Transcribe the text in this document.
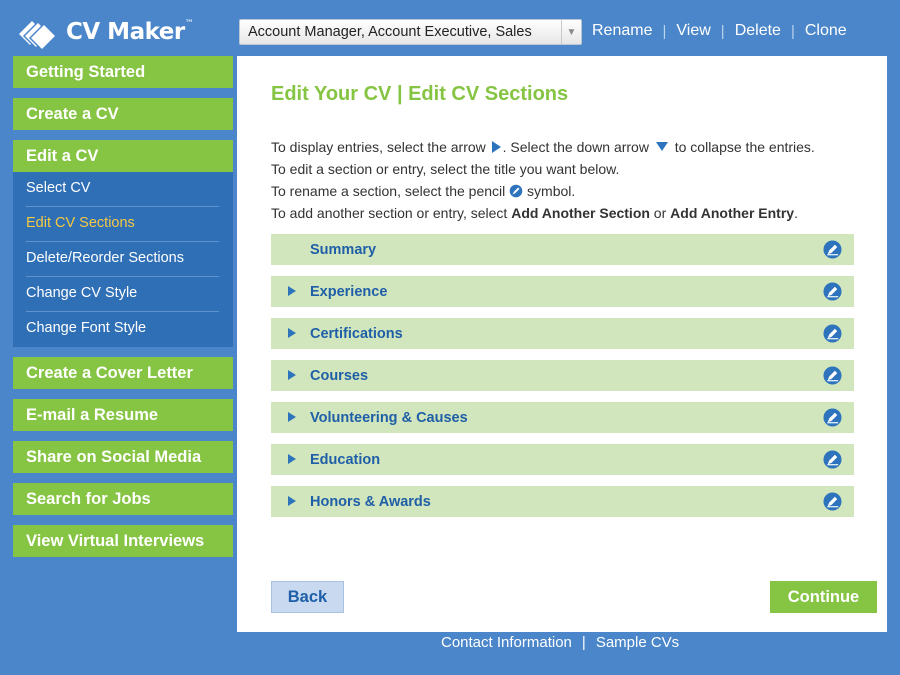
CV Maker™	Account Manager, Account Executive, Sales	▼ Rename | View | Delete | Clone
Getting Started
Create a CV
Edit a CV
Select CV
Edit CV Sections
Delete/Reorder Sections
Change CV Style
Change Font Style
Create a Cover Letter
E-mail a Resume
Share on Social Media
Search for Jobs
View Virtual Interviews
Edit Your CV | Edit CV Sections
To display entries, select the arrow . Select the down arrow  to collapse the entries.
To edit a section or entry, select the title you want below.
To rename a section, select the pencil  symbol.
To add another section or entry, select Add Another Section or Add Another Entry.
Summary
Experience
Certifications
Courses
Volunteering & Causes
Education
Honors & Awards
Back	Continue
Contact Information | Sample CVs
